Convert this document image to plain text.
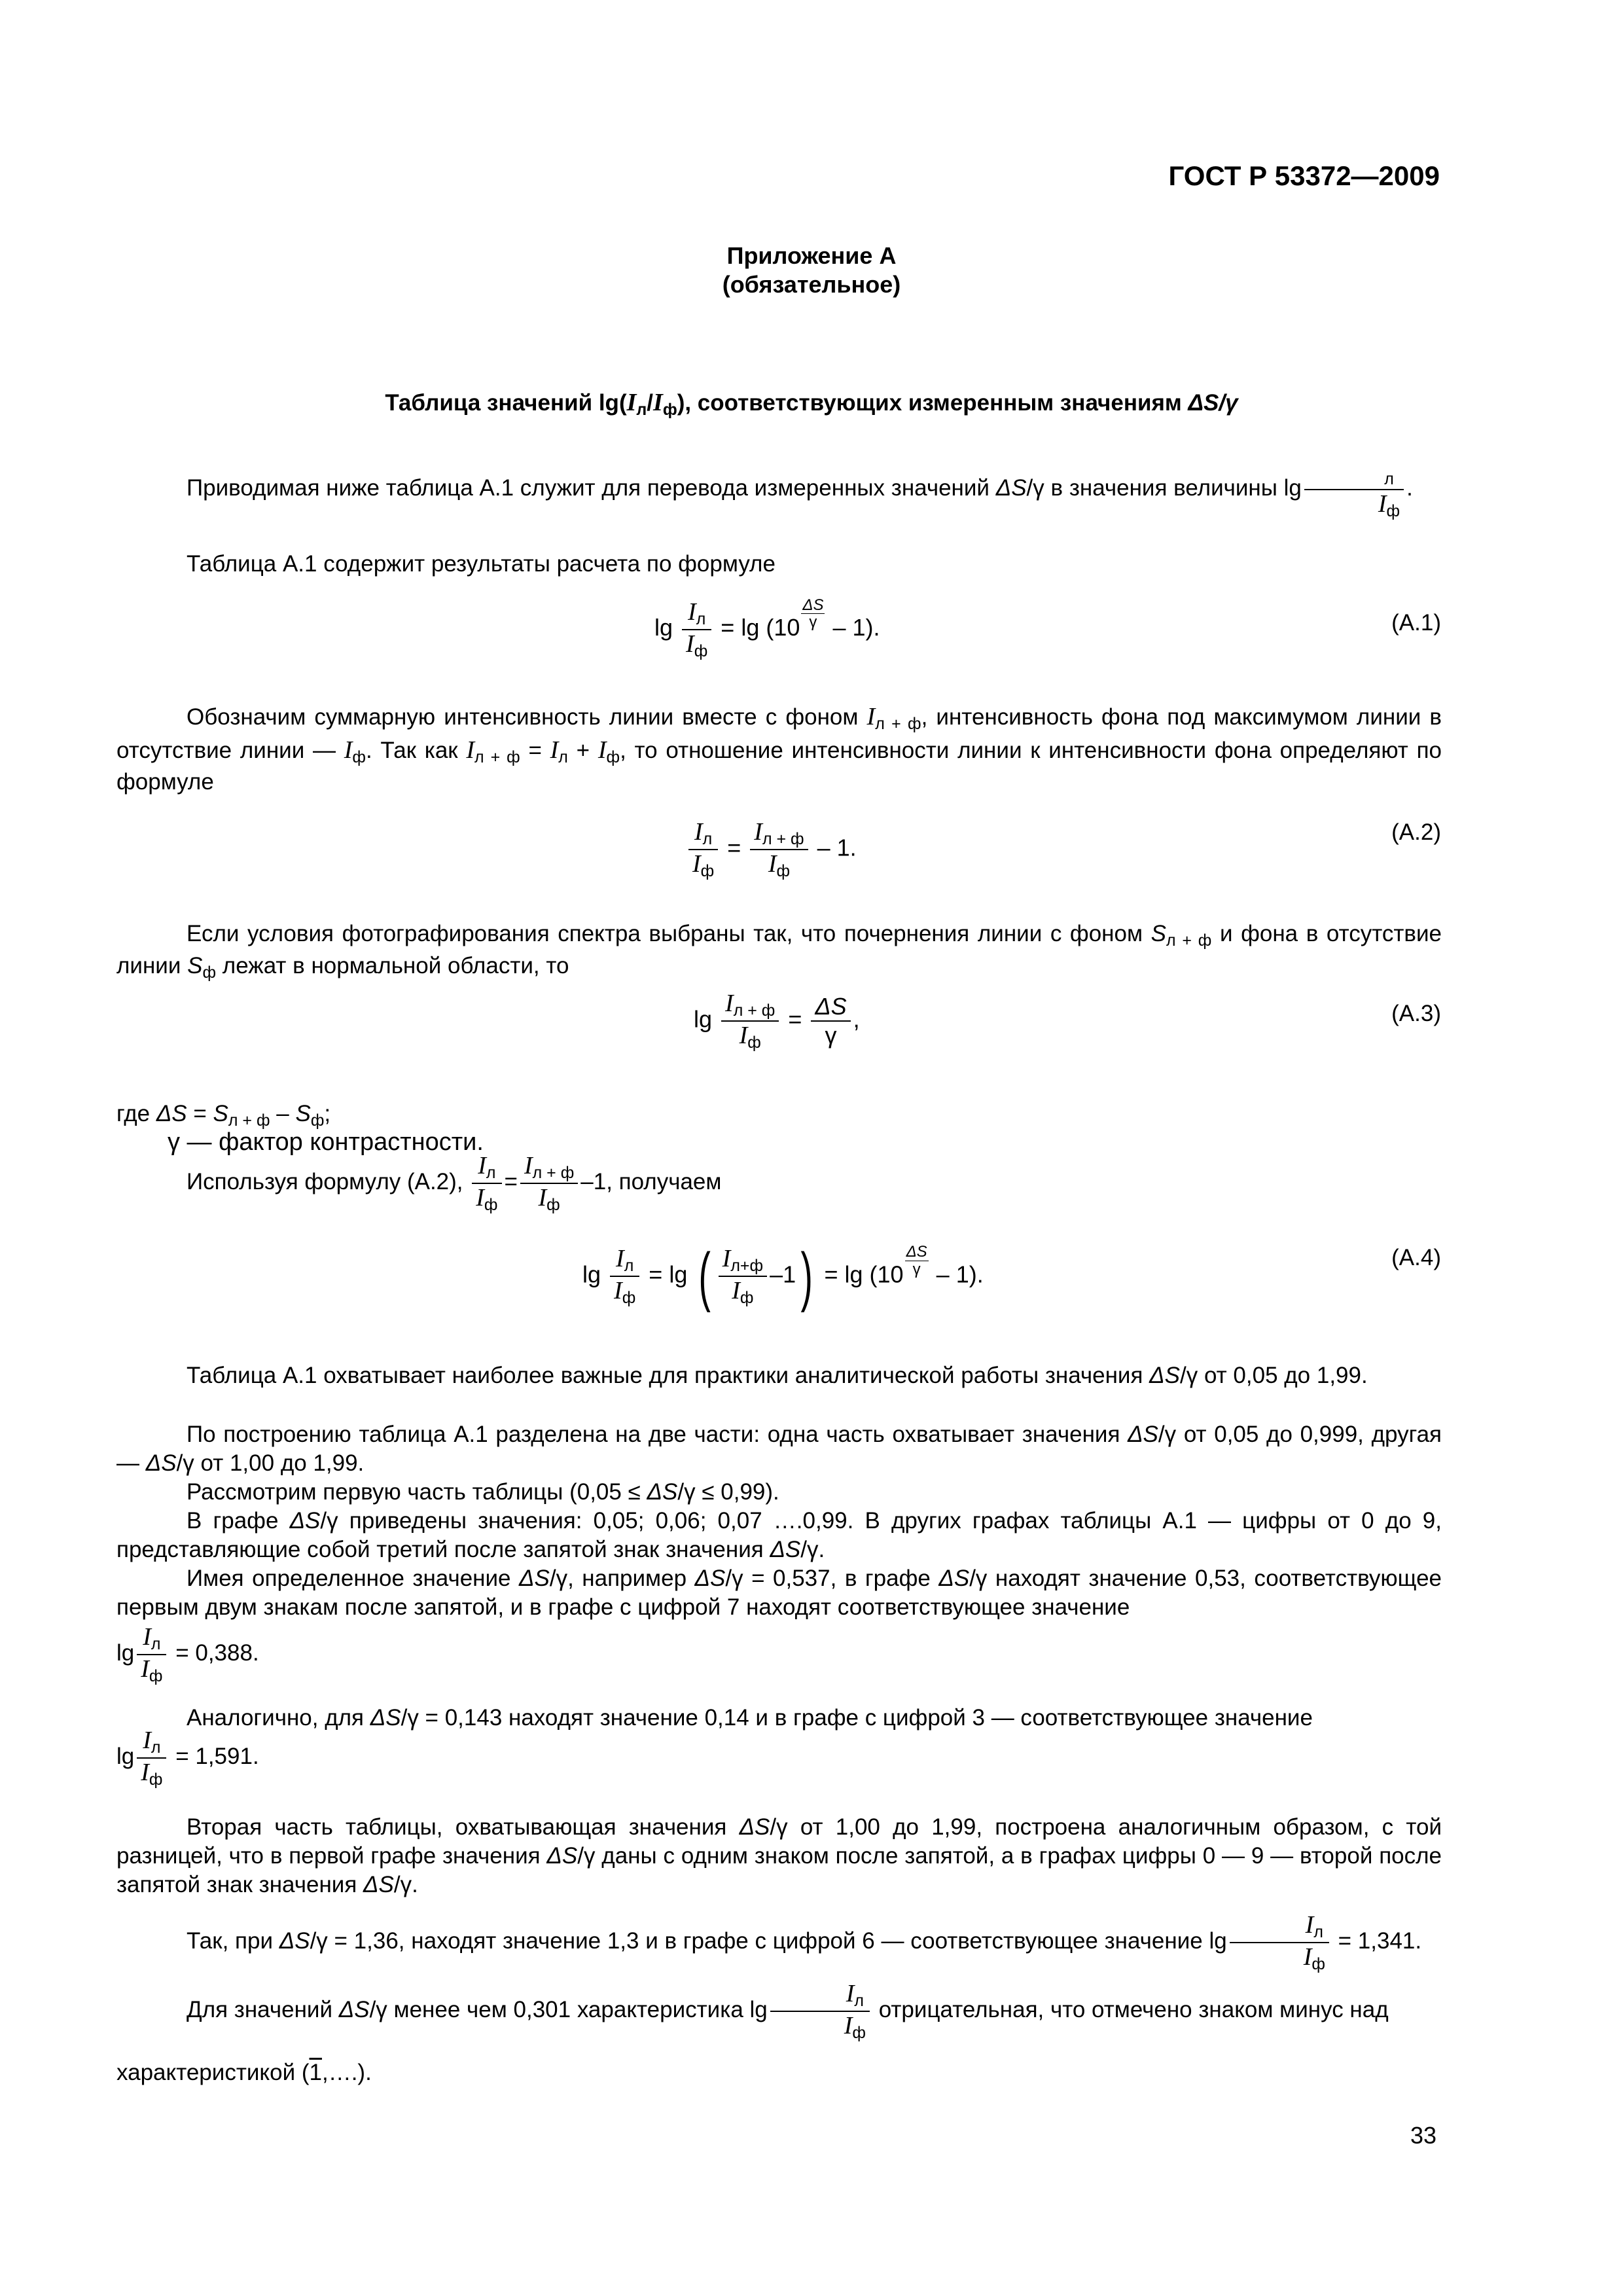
ГОСТ Р 53372—2009
Приложение А
(обязательное)
Таблица значений $\lg(I_л/I_ф)$, соответствующих измеренным значениям ΔS/γ
Приводимая ниже таблица А.1 служит для перевода измеренных значений ΔS/γ в значения величины $\lg \frac{_л}{I_ф}$ .
Таблица А.1 содержит результаты расчета по формуле
$\lg \frac{I_л}{I_ф} = \lg (10 \frac{\Delta S}{\gamma} - 1)$.	(А.1)
Обозначим суммарную интенсивность линии вместе с фоном $I_{л + ф}$, интенсивность фона под максимумом линии в отсутствие линии — $I_ф$. Так как $I_{л + ф} = I_л + I_ф$, то отношение интенсивности линии к интенсивности фона определяют по формуле
$\frac{I_л}{I_ф} = \frac{I_{л + ф}}{I_ф} - 1$.
(А.2)
Если условия фотографирования спектра выбраны так, что почернения линии с фоном $S_{л + ф}$ и фона в отсутствие линии $S_ф$ лежат в нормальной области, то
$\lg \frac{I_{л + ф}}{I_ф} = \frac{\Delta S}{\gamma}$ ,	(А.3)
где $\Delta S = S_{л + ф} - S_ф$;
γ — фактор контрастности.
Используя формулу (А.2), $\frac{I_л}{I_ф} = \frac{I_{л + ф}}{I_ф} -1$, получаем
$\lg \frac{I_л}{I_ф} = \lg$ ( $\frac{I_{л+ф}}{I_ф} -1) = \lg (10 \frac{\Delta S}{\gamma} - 1)$.
(А.4)
Таблица А.1 охватывает наиболее важные для практики аналитической работы значения ΔS/γ от 0,05 до 1,99.
По построению таблица А.1 разделена на две части: одна часть охватывает значения ΔS/γ от 0,05 до 0,999, другая — ΔS/γ от 1,00 до 1,99.
Рассмотрим первую часть таблицы (0,05 ≤ ΔS/γ ≤ 0,99).
В графе ΔS/γ приведены значения: 0,05; 0,06; 0,07 ….0,99. В других графах таблицы А.1 — цифры от 0 до 9, представляющие собой третий после запятой знак значения ΔS/γ.
Имея определенное значение ΔS/γ, например ΔS/γ = 0,537, в графе ΔS/γ находят значение 0,53, соответствующее первым двум знакам после запятой, и в графе с цифрой 7 находят соответствующее значение
$\lg \frac{I_л}{I_ф} = 0,388$.
Аналогично, для ΔS/γ = 0,143 находят значение 0,14 и в графе с цифрой 3 — соответствующее значение
$\lg \frac{I_л}{I_ф} = 1,591$.
Вторая часть таблицы, охватывающая значения ΔS/γ от 1,00 до 1,99, построена аналогичным образом, с той разницей, что в первой графе значения ΔS/γ даны с одним знаком после запятой, а в графах цифры 0 — 9 — второй после запятой знак значения ΔS/γ.
Так, при ΔS/γ = 1,36, находят значение 1,3 и в графе с цифрой 6 — соответствующее значение $\lg \frac{I_л}{I_ф} = 1,341$.
Для значений ΔS/γ менее чем 0,301 характеристика $\lg \frac{I_л}{I_ф}$ отрицательная, что отмечено знаком минус над
характеристикой (1,….).
33
